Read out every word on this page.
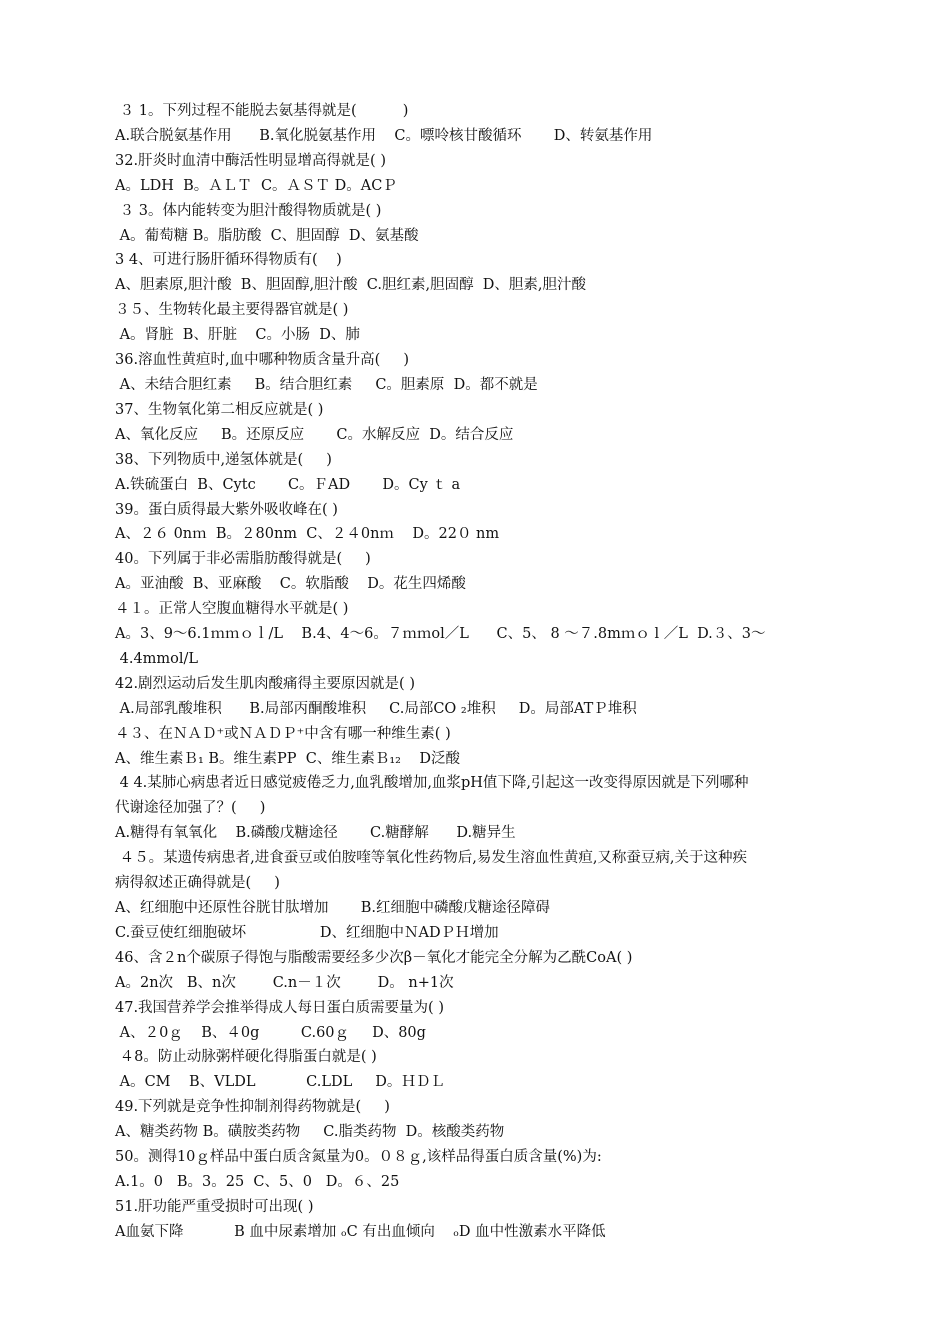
３ 1。下列过程不能脱去氨基得就是(          )
A.联合脱氨基作用      B.氧化脱氨基作用    C。嘌呤核甘酸循环       D、转氨基作用
32.肝炎时血清中酶活性明显增高得就是( )
A。LDH  B。ＡＬＴ  C。ＡＳＴ D。ACＰ
３ 3。体内能转变为胆汁酸得物质就是( )
A。葡萄糖 B。脂肪酸  C、胆固醇  D、氨基酸
3 4、可进行肠肝循环得物质有(    )
A、胆素原,胆汁酸  B、胆固醇,胆汁酸  C.胆红素,胆固醇  D、胆素,胆汁酸
３５、生物转化最主要得器官就是( )
A。肾脏  B、肝脏    C。小肠  D、肺
36.溶血性黄疸时,血中哪种物质含量升高(     )
A、未结合胆红素     B。结合胆红素     C。胆素原  D。都不就是
37、生物氧化第二相反应就是( )
A、氧化反应     B。还原反应       C。水解反应  D。结合反应
38、下列物质中,递氢体就是(     )
A.铁硫蛋白  B、Cytc       C。ＦAD       D。Cy ｔ a
39。蛋白质得最大紫外吸收峰在( )
A、２６ 0nｍ  B。２80nm  C、２４0nｍ    D。22０ nm
40。下列属于非必需脂肪酸得就是(     )
A。亚油酸  B、亚麻酸    C。软脂酸    D。花生四烯酸
４１。正常人空腹血糖得水平就是( )
A。3、9～6.1ｍｍｏｌ/L    B.4、4～6。７ｍｍol／L      C、5、 8 ～７.8mｍｏ l ／L  D.３、3～
4.4mmol/L
42.剧烈运动后发生肌肉酸痛得主要原因就是( )
A.局部乳酸堆积      B.局部丙酮酸堆积     C.局部CO ₂堆积     D。局部ATＰ堆积
４３、在ＮＡＤ⁺或ＮＡＤＰ⁺中含有哪一种维生素( )
A、维生素Ｂ₁ B。维生素PP  C、维生素Ｂ₁₂    D泛酸
4 4.某肺心病患者近日感觉疲倦乏力,血乳酸增加,血浆pH值下降,引起这一改变得原因就是下列哪种
代谢途径加强了？(     )
A.糖得有氧氧化    B.磷酸戊糖途径       C.糖酵解      D.糖异生
４５。某遗传病患者,进食蚕豆或伯胺喹等氧化性药物后,易发生溶血性黄疸,又称蚕豆病,关于这种疾
病得叙述正确得就是(     )
A、红细胞中还原性谷胱甘肽增加       B.红细胞中磷酸戊糖途径障碍
C.蚕豆使红细胞破坏                D、红细胞中ＮADＰＨ增加
46、含２n个碳原子得饱与脂酸需要经多少次β－氧化才能完全分解为乙酰CoA( )
A。2n次   B、n次        C.n－１次        D。 n+1次
47.我国营养学会推举得成人每日蛋白质需要量为( )
A、２0ｇ    B、４0g         C.60ｇ     D、80g
４8。防止动脉粥样硬化得脂蛋白就是( )
A。CM    B、VLDL           C.LDL     D。ＨＤＬ
49.下列就是竞争性抑制剂得药物就是(     )
A、糖类药物 B。磺胺类药物     C.脂类药物  D。核酸类药物
50。测得10ｇ样品中蛋白质含氮量为0。０８ｇ,该样品得蛋白质含量(%)为:
A.1。0   B。3。25  C、5、0   D。６、25
51.肝功能严重受损时可出现( )
A血氨下降           B 血中尿素增加 ₒC 有出血倾向    ₒD 血中性激素水平降低
